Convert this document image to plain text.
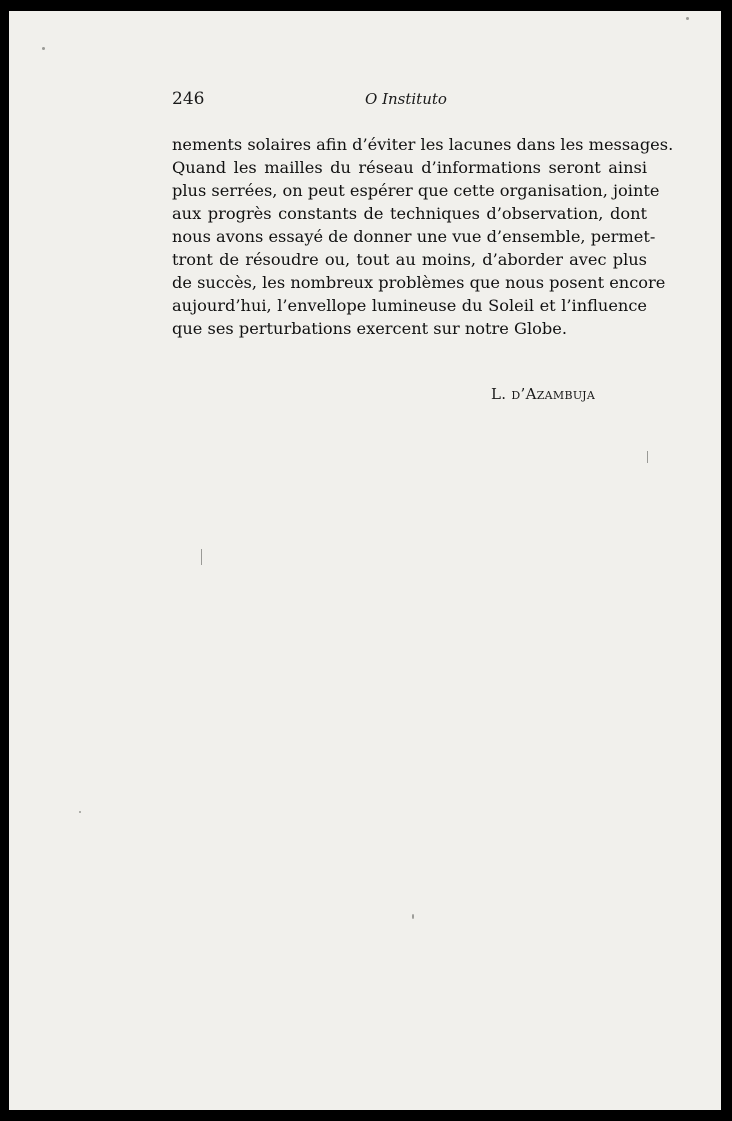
246	O Instituto
nements solaires afin d’éviter les lacunes dans les messages.
Quand les mailles du réseau d’informations seront ainsi
plus serrées, on peut espérer que cette organisation, jointe
aux progrès constants de techniques d’observation, dont
nous avons essayé de donner une vue d’ensemble, permet-
tront de résoudre ou, tout au moins, d’aborder avec plus
de succès, les nombreux problèmes que nous posent encore
aujourd’hui, l’envellope lumineuse du Soleil et l’influence
que ses perturbations exercent sur notre Globe.
L. d’Azambuja
